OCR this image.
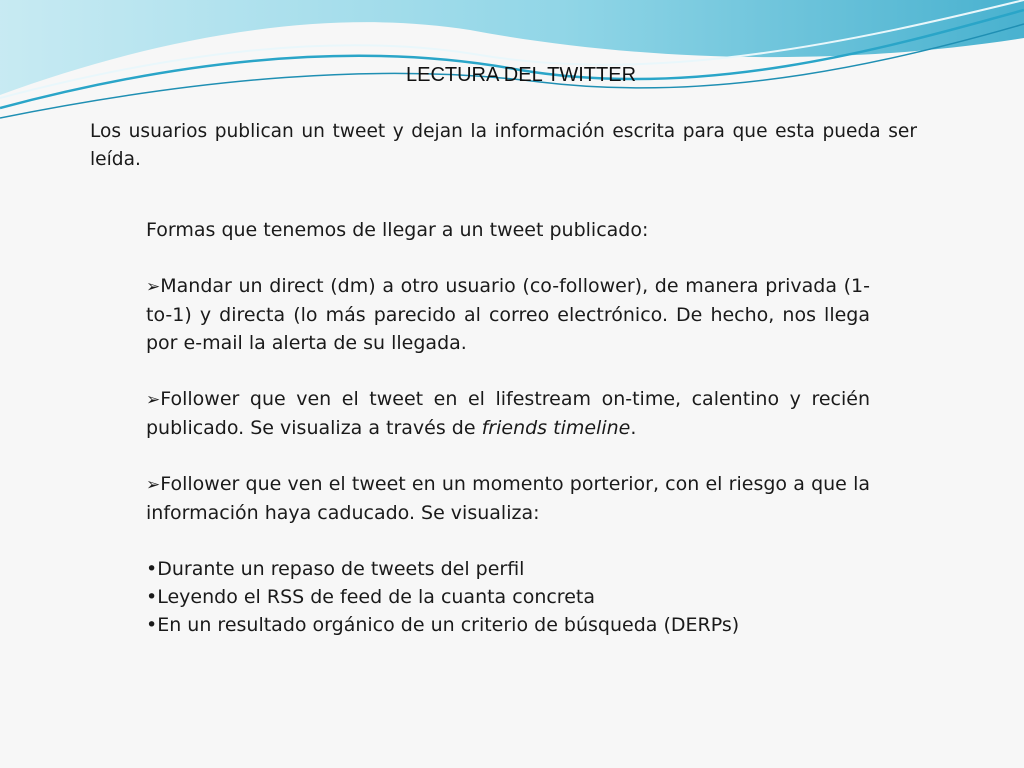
LECTURA DEL TWITTER

Los usuarios publican un tweet y dejan la información escrita para que esta pueda ser leída.

Formas que tenemos de llegar a un tweet publicado:

➢Mandar un direct (dm) a otro usuario (co-follower), de manera privada (1-to-1) y directa (lo más parecido al correo electrónico. De hecho, nos llega por e-mail la alerta de su llegada.

➢Follower que ven el tweet en el lifestream on-time, calentino y recién publicado. Se visualiza a través de friends timeline.

➢Follower que ven el tweet en un momento porterior, con el riesgo a que la información haya caducado. Se visualiza:

•Durante un repaso de tweets del perfil

•Leyendo el RSS de feed de la cuanta concreta

•En un resultado orgánico de un criterio de búsqueda (DERPs)
